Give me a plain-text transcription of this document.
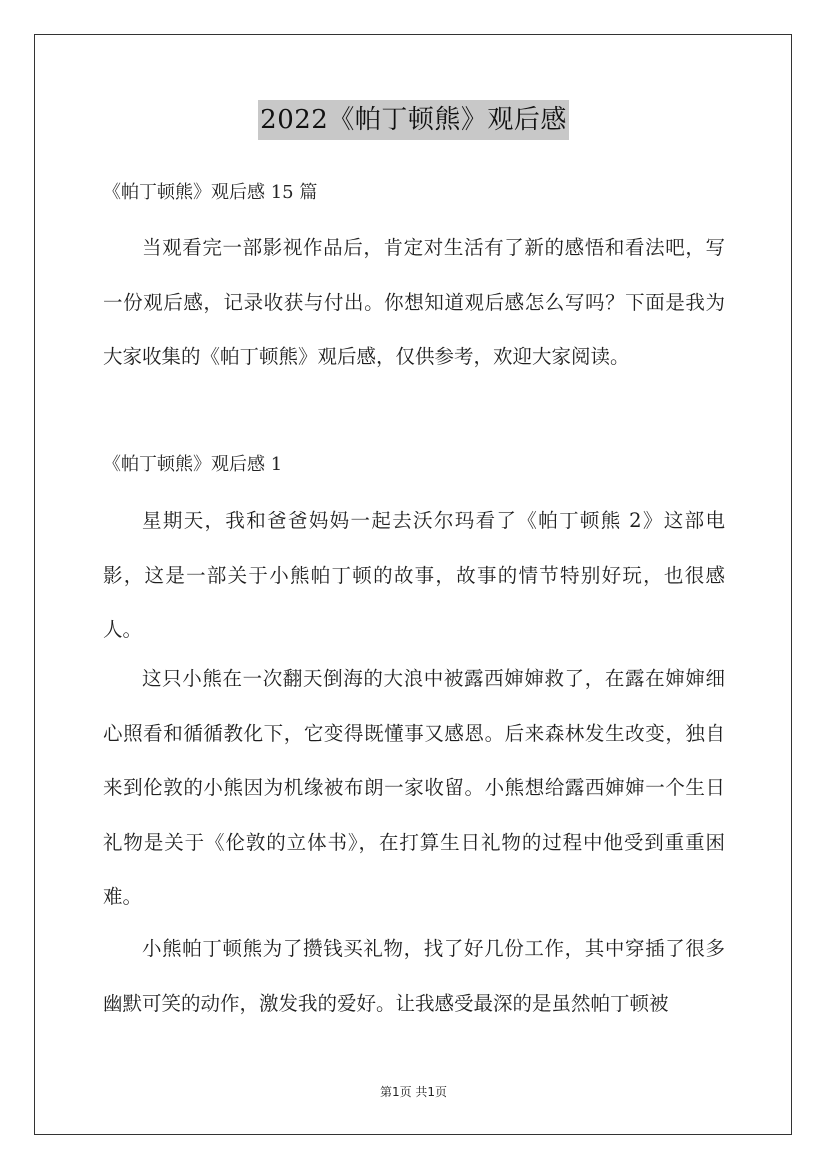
2022《帕丁顿熊》观后感

《帕丁顿熊》观后感 15 篇

当观看完一部影视作品后，肯定对生活有了新的感悟和看法吧，写一份观后感，记录收获与付出。你想知道观后感怎么写吗？下面是我为大家收集的《帕丁顿熊》观后感，仅供参考，欢迎大家阅读。

《帕丁顿熊》观后感 1

星期天，我和爸爸妈妈一起去沃尔玛看了《帕丁顿熊 2》这部电影，这是一部关于小熊帕丁顿的故事，故事的情节特别好玩，也很感人。

这只小熊在一次翻天倒海的大浪中被露西婶婶救了，在露在婶婶细心照看和循循教化下，它变得既懂事又感恩。后来森林发生改变，独自来到伦敦的小熊因为机缘被布朗一家收留。小熊想给露西婶婶一个生日礼物是关于《伦敦的立体书》，在打算生日礼物的过程中他受到重重困难。

小熊帕丁顿熊为了攒钱买礼物，找了好几份工作，其中穿插了很多幽默可笑的动作，激发我的爱好。让我感受最深的是虽然帕丁顿被

第1页 共1页
